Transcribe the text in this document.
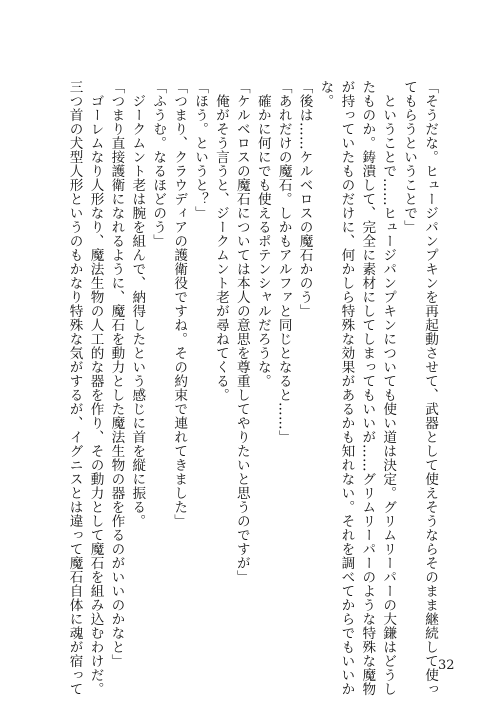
「そうだな。ヒュージパンプキンを再起動させて、武器として使えそうならそのまま継続して使っ
てもらうということで」
　ということで……ヒュージパンプキンについても使い道は決定。グリムリーパーの大鎌はどうし
たものか。鋳潰して、完全に素材にしてしまってもいいが……グリムリーパーのような特殊な魔物
が持っていたものだけに、何かしら特殊な効果があるかも知れない。それを調べてからでもいいか
な。
「後は……ケルベロスの魔石かのう」
「あれだけの魔石。しかもアルファと同じとなると……」
　確かに何にでも使えるポテンシャルだろうな。
「ケルベロスの魔石については本人の意思を尊重してやりたいと思うのですが」
　俺がそう言うと、ジークムント老が尋ねてくる。
「ほう。というと？」
「つまり、クラウディアの護衛役ですね。その約束で連れてきました」
「ふうむ。なるほどのう」
　ジークムント老は腕を組んで、納得したという感じに首を縦に振る。
「つまり直接護衛になれるように、魔石を動力とした魔法生物の器を作るのがいいのかなと」
　ゴーレムなり人形なり、魔法生物の人工的な器を作り、その動力として魔石を組み込むわけだ。
三つ首の犬型人形というのもかなり特殊な気がするが、イグニスとは違って魔石自体に魂が宿って	32
